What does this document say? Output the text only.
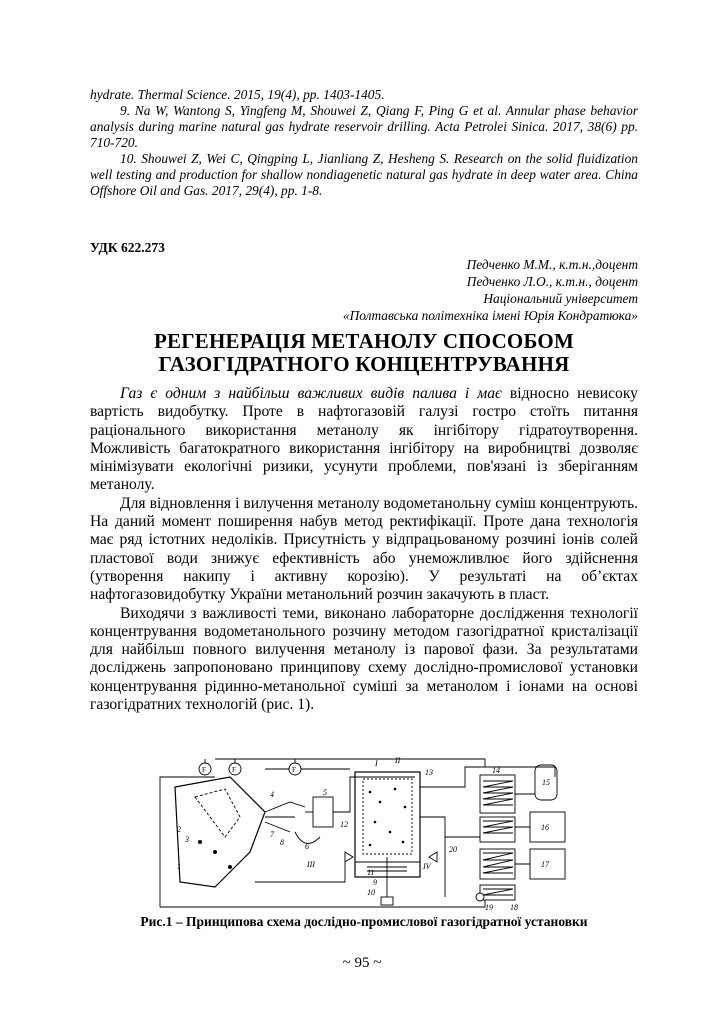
hydrate. Thermal Science. 2015, 19(4), pp. 1403-1405.

9. Na W, Wantong S, Yingfeng M, Shouwei Z, Qiang F, Ping G et al. Annular phase behavior analysis during marine natural gas hydrate reservoir drilling. Acta Petrolei Sinica. 2017, 38(6) pp. 710-720.

10. Shouwei Z, Wei C, Qingping L, Jianliang Z, Hesheng S. Research on the solid fluidization well testing and production for shallow nondiagenetic natural gas hydrate in deep water area. China Offshore Oil and Gas. 2017, 29(4), pp. 1-8.

УДК 622.273
Педченко М.М., к.т.н.,доцент
Педченко Л.О., к.т.н., доцент
Національний університет
«Полтавська політехніка імені Юрія Кондратюка»
РЕГЕНЕРАЦІЯ МЕТАНОЛУ СПОСОБОМ
ГАЗОГІДРАТНОГО КОНЦЕНТРУВАННЯ

Газ є одним з найбільш важливих видів палива і має відносно невисоку вартість видобутку. Проте в нафтогазовій галузі гостро стоїть питання раціонального використання метанолу як інгібітору гідратоутворення. Можливість багатократного використання інгібітору на виробництві дозволяє мінімізувати екологічні ризики, усунути проблеми, пов'язані із зберіганням метанолу.

Для відновлення і вилучення метанолу водометанольну суміш концентрують. На даний момент поширення набув метод ректифікації. Проте дана технологія має ряд істотних недоліків. Присутність у відпрацьованому розчині іонів солей пластової води знижує ефективність або унеможливлює його здійснення (утворення накипу і активну корозію). У результаті на об’єктах нафтогазовидобутку України метанольний розчин закачують в пласт.

Виходячи з важливості теми, виконано лабораторне дослідження технології концентрування водометанольного розчину методом газогідратної кристалізації для найбільш повного вилучення метанолу із парової фази. За результатами досліджень запропоновано принципову схему дослідно-промислової установки концентрування рідинно-метанольної суміші за метанолом і іонами на основі газогідратних технологій (рис. 1).

F	F	F
I II
III	IV
1
2
3
4	5
6
7
8
9
10
11
12
13	14
15
16
17
18
19
20
Рис.1 – Принципова схема дослідно-промислової газогідратної установки
~ 95 ~
